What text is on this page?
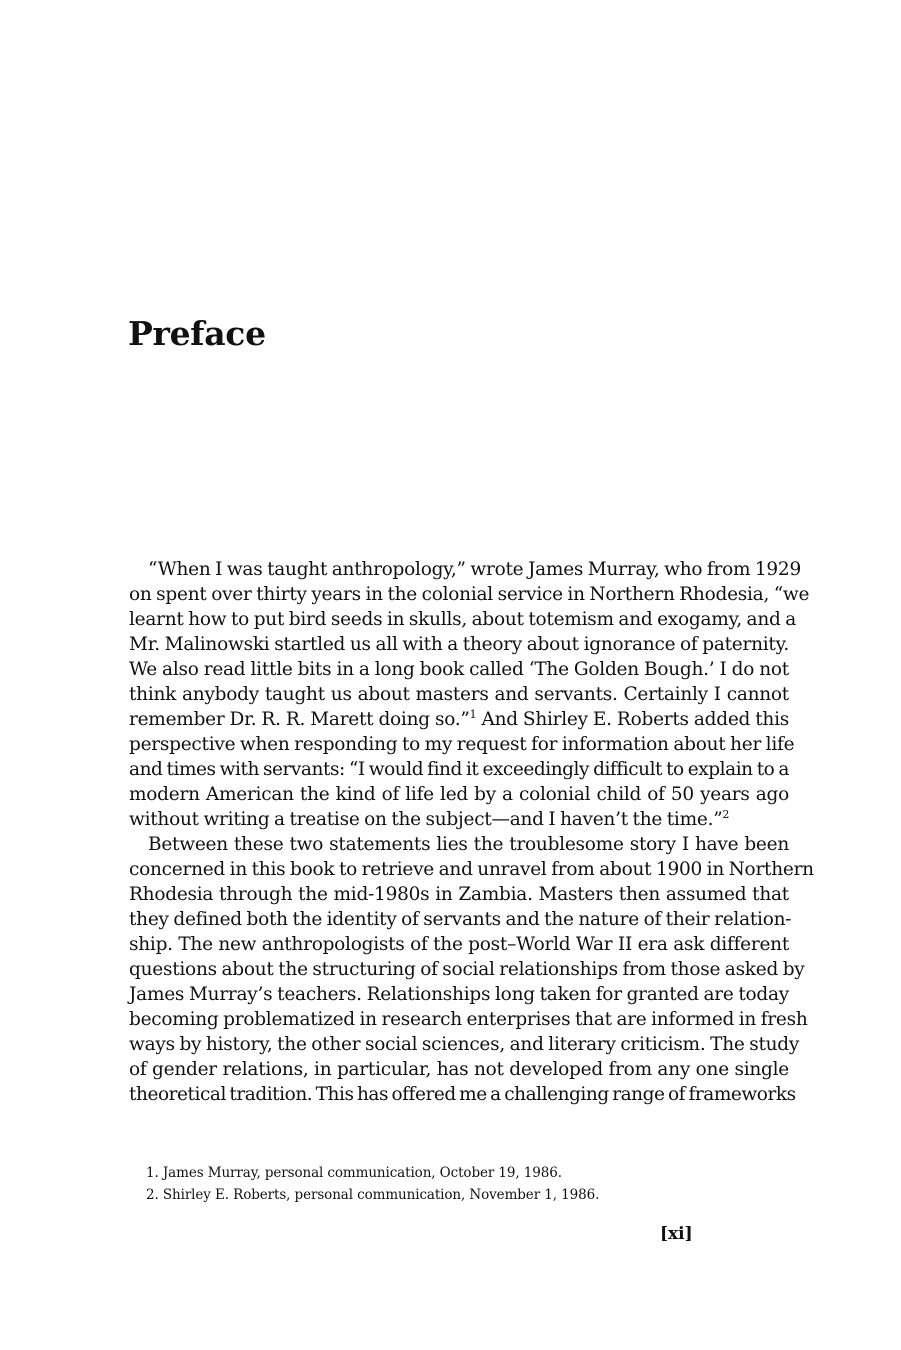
Preface
“When I was taught anthropology,” wrote James Murray, who from 1929
on spent over thirty years in the colonial service in Northern Rhodesia, “we
learnt how to put bird seeds in skulls, about totemism and exogamy, and a
Mr. Malinowski startled us all with a theory about ignorance of paternity.
We also read little bits in a long book called ‘The Golden Bough.’ I do not
think anybody taught us about masters and servants. Certainly I cannot
remember Dr. R. R. Marett doing so.”$^1$ And Shirley E. Roberts added this
perspective when responding to my request for information about her life
and times with servants: “I would find it exceedingly difficult to explain to a
modern American the kind of life led by a colonial child of 50 years ago
without writing a treatise on the subject—and I haven’t the time.”$^2$
Between these two statements lies the troublesome story I have been
concerned in this book to retrieve and unravel from about 1900 in Northern
Rhodesia through the mid-1980s in Zambia. Masters then assumed that
they defined both the identity of servants and the nature of their relation-
ship. The new anthropologists of the post–World War II era ask different
questions about the structuring of social relationships from those asked by
James Murray’s teachers. Relationships long taken for granted are today
becoming problematized in research enterprises that are informed in fresh
ways by history, the other social sciences, and literary criticism. The study
of gender relations, in particular, has not developed from any one single
theoretical tradition. This has offered me a challenging range of frameworks
1. James Murray, personal communication, October 19, 1986.
2. Shirley E. Roberts, personal communication, November 1, 1986.
[xi]
